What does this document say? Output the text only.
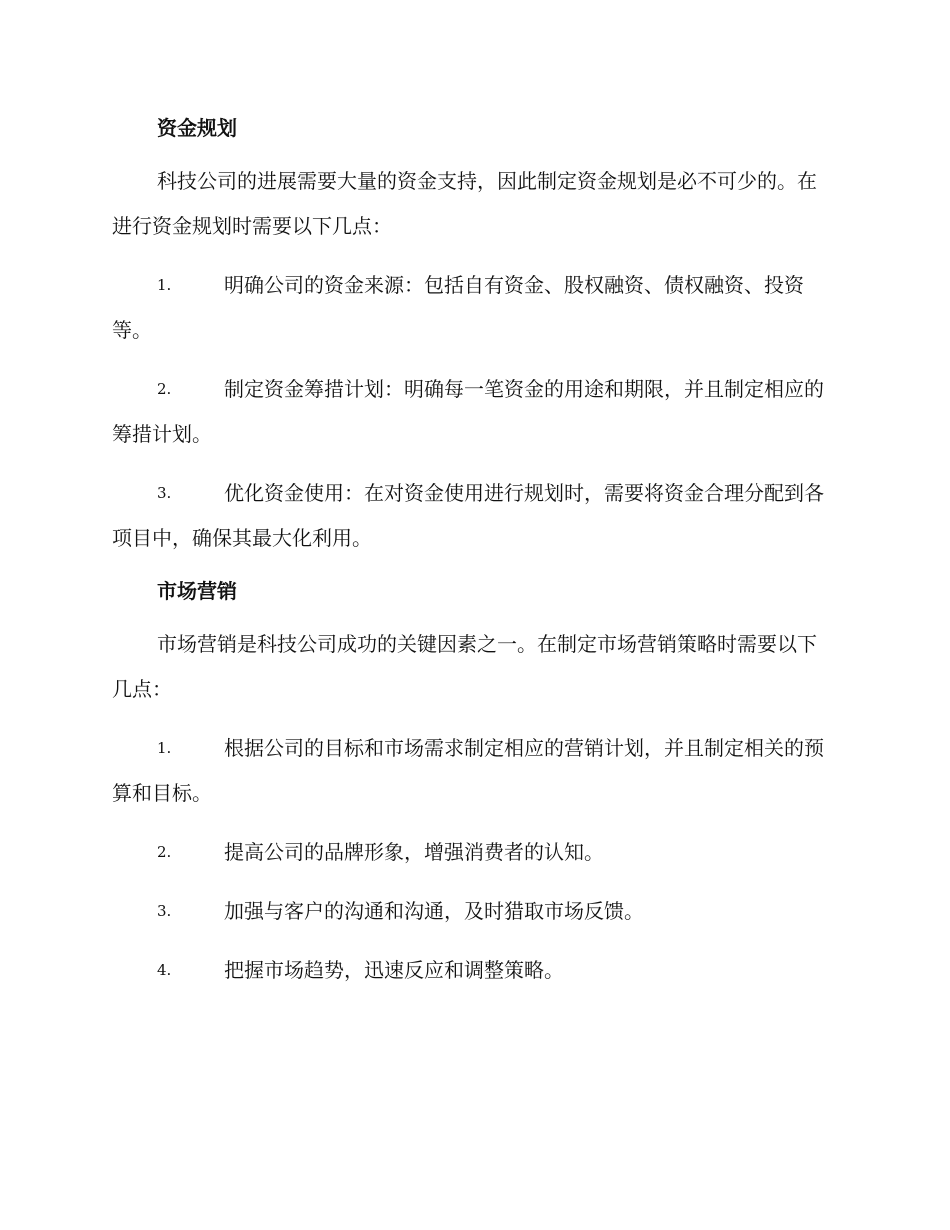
资金规划

科技公司的进展需要大量的资金支持，因此制定资金规划是必不可少的。在进行资金规划时需要以下几点：

1.	明确公司的资金来源：包括自有资金、股权融资、债权融资、投资等。
2.	制定资金筹措计划：明确每一笔资金的用途和期限，并且制定相应的筹措计划。
3.	优化资金使用：在对资金使用进行规划时，需要将资金合理分配到各项目中，确保其最大化利用。
市场营销

市场营销是科技公司成功的关键因素之一。在制定市场营销策略时需要以下几点：

1.	根据公司的目标和市场需求制定相应的营销计划，并且制定相关的预算和目标。
2.	提高公司的品牌形象，增强消费者的认知。
3.	加强与客户的沟通和沟通，及时猎取市场反馈。
4.	把握市场趋势，迅速反应和调整策略。
